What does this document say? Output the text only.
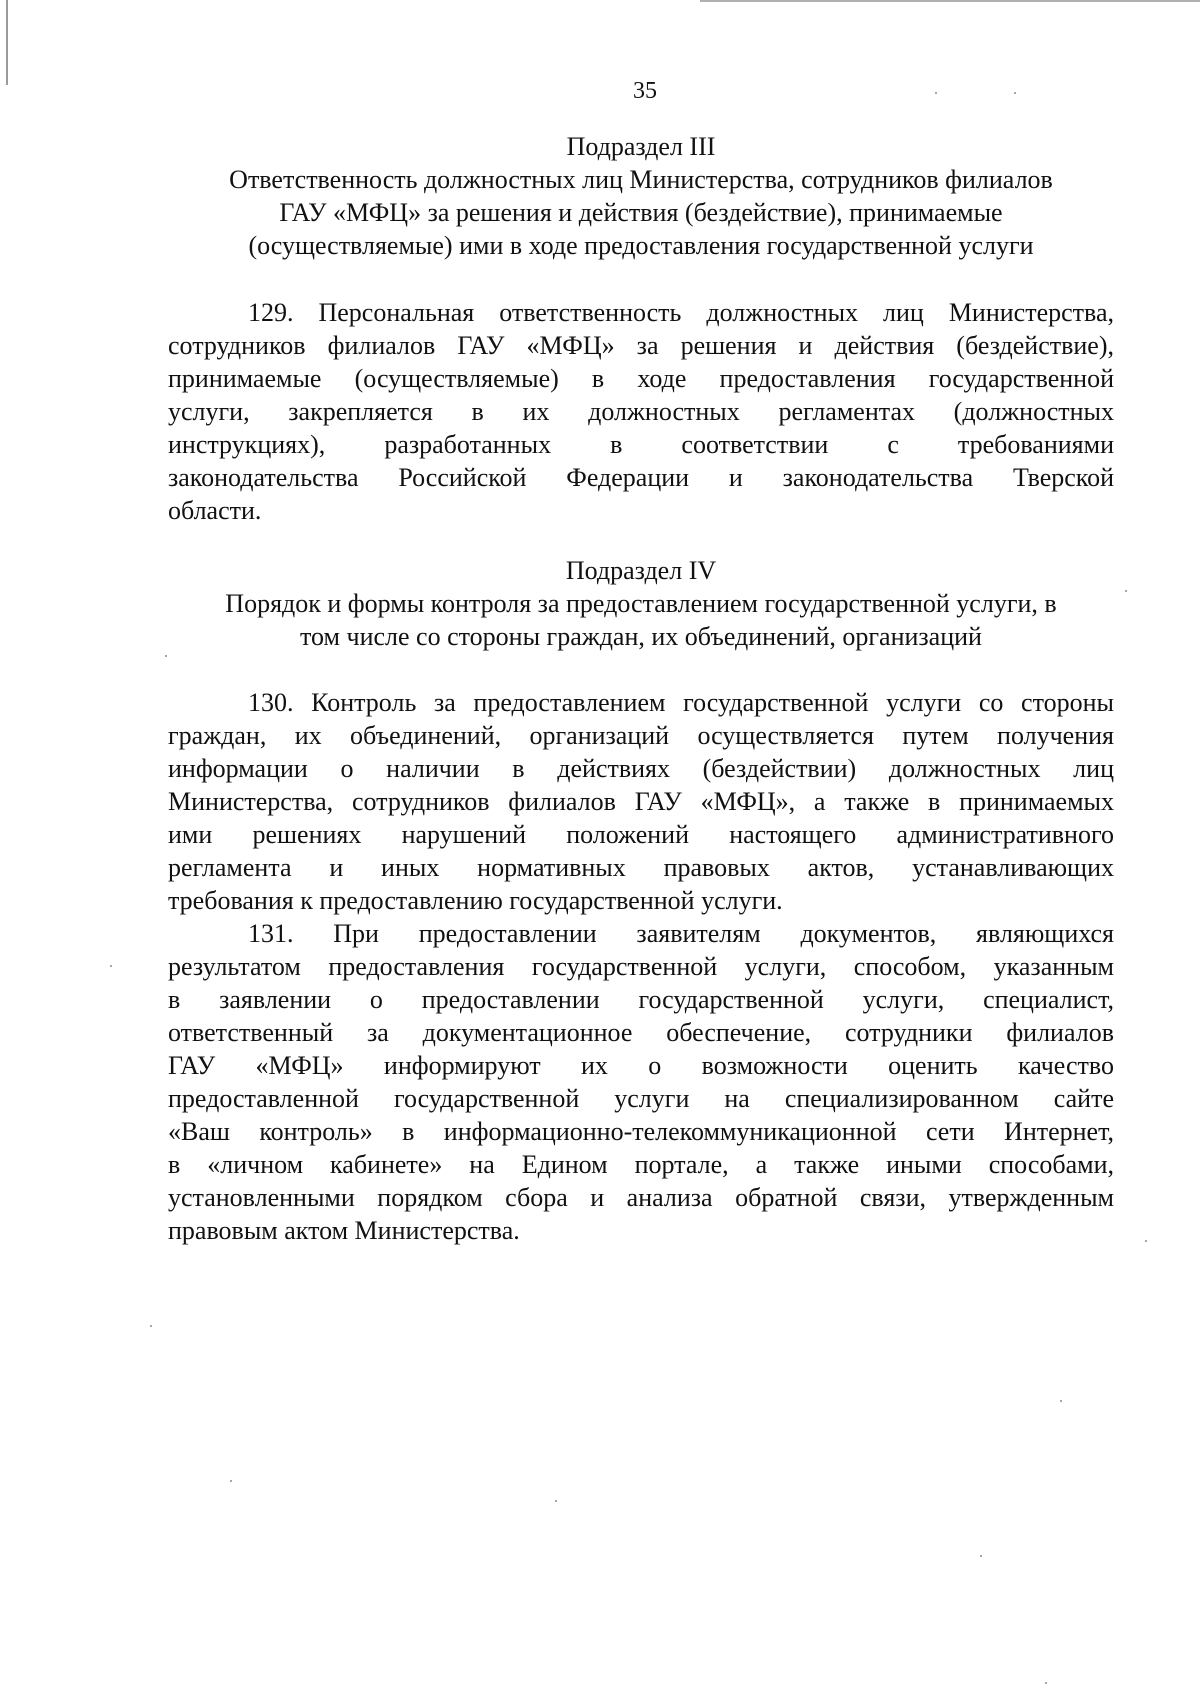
35
Подраздел III
Ответственность должностных лиц Министерства, сотрудников филиалов
ГАУ «МФЦ» за решения и действия (бездействие), принимаемые
(осуществляемые) ими в ходе предоставления государственной услуги
129. Персональная ответственность должностных лиц Министерства,
сотрудников филиалов ГАУ «МФЦ» за решения и действия (бездействие),
принимаемые (осуществляемые) в ходе предоставления государственной
услуги, закрепляется в их должностных регламентах (должностных
инструкциях), разработанных в соответствии с требованиями
законодательства Российской Федерации и законодательства Тверской
области.
Подраздел IV
Порядок и формы контроля за предоставлением государственной услуги, в
том числе со стороны граждан, их объединений, организаций
130. Контроль за предоставлением государственной услуги со стороны
граждан, их объединений, организаций осуществляется путем получения
информации о наличии в действиях (бездействии) должностных лиц
Министерства, сотрудников филиалов ГАУ «МФЦ», а также в принимаемых
ими решениях нарушений положений настоящего административного
регламента и иных нормативных правовых актов, устанавливающих
требования к предоставлению государственной услуги.
131. При предоставлении заявителям документов, являющихся
результатом предоставления государственной услуги, способом, указанным
в заявлении о предоставлении государственной услуги, специалист,
ответственный за документационное обеспечение, сотрудники филиалов
ГАУ «МФЦ» информируют их о возможности оценить качество
предоставленной государственной услуги на специализированном сайте
«Ваш контроль» в информационно-телекоммуникационной сети Интернет,
в «личном кабинете» на Едином портале, а также иными способами,
установленными порядком сбора и анализа обратной связи, утвержденным
правовым актом Министерства.
